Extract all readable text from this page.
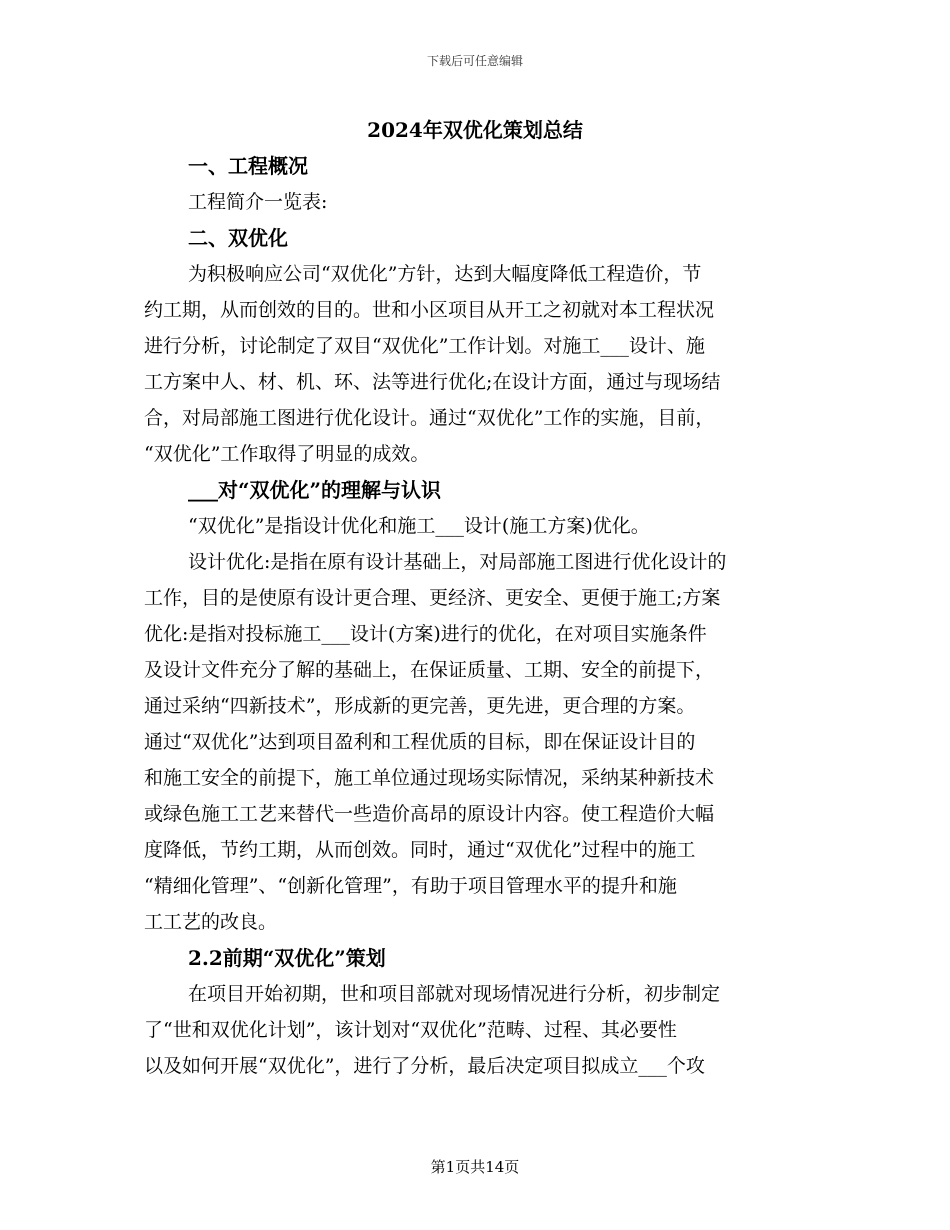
下载后可任意编辑
2024年双优化策划总结
一、工程概况
工程简介一览表:
二、双优化
为积极响应公司“双优化”方针，达到大幅度降低工程造价，节
约工期，从而创效的目的。世和小区项目从开工之初就对本工程状况
进行分析，讨论制定了双目“双优化”工作计划。对施工___设计、施
工方案中人、材、机、环、法等进行优化;在设计方面，通过与现场结
合，对局部施工图进行优化设计。通过“双优化”工作的实施，目前，
“双优化”工作取得了明显的成效。
___对“双优化”的理解与认识
“双优化”是指设计优化和施工___设计(施工方案)优化。
设计优化:是指在原有设计基础上，对局部施工图进行优化设计的
工作，目的是使原有设计更合理、更经济、更安全、更便于施工;方案
优化:是指对投标施工___设计(方案)进行的优化，在对项目实施条件
及设计文件充分了解的基础上，在保证质量、工期、安全的前提下，
通过采纳“四新技术”，形成新的更完善，更先进，更合理的方案。
通过“双优化”达到项目盈利和工程优质的目标，即在保证设计目的
和施工安全的前提下，施工单位通过现场实际情况，采纳某种新技术
或绿色施工工艺来替代一些造价高昂的原设计内容。使工程造价大幅
度降低，节约工期，从而创效。同时，通过“双优化”过程中的施工
“精细化管理”、“创新化管理”，有助于项目管理水平的提升和施
工工艺的改良。
2.2前期“双优化”策划
在项目开始初期，世和项目部就对现场情况进行分析，初步制定
了“世和双优化计划”，该计划对“双优化”范畴、过程、其必要性
以及如何开展“双优化”，进行了分析，最后决定项目拟成立___个攻
第1页共14页
